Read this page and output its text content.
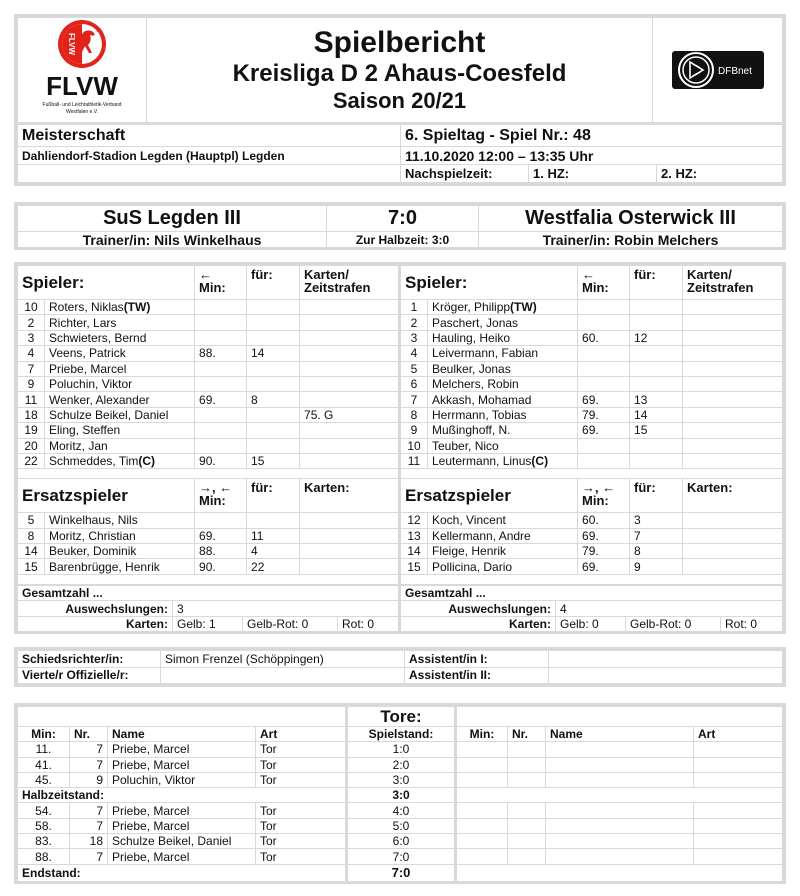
FLVW
FLVW
Fußball- und Leichtathletik-Verband
Westfalen e.V.

Spielbericht
Kreisliga D 2 Ahaus-Coesfeld
Saison 20/21

DFBnet
Meisterschaft	6. Spieltag - Spiel Nr.: 48		
Dahliendorf-Stadion Legden (Hauptpl) Legden	11.10.2020 12:00 – 13:35 Uhr		
	Nachspielzeit:	1. HZ:	2. HZ:
SuS Legden III	7:0	Westfalia Osterwick III
Trainer/in: Nils Winkelhaus	Zur Halbzeit: 3:0	Trainer/in: Robin Melchers
Spieler:		← Min:	für:	Karten/ Zeitstrafen
10	Roters, Niklas(TW)			
2	Richter, Lars			
3	Schwieters, Bernd			
4	Veens, Patrick	88.	14	
7	Priebe, Marcel			
9	Poluchin, Viktor			
11	Wenker, Alexander	69.	8	
18	Schulze Beikel, Daniel			75. G
19	Eling, Steffen			
20	Moritz, Jan			
22	Schmeddes, Tim(C)	90.	15	

Ersatzspieler		→, ← Min:	für:	Karten:
5	Winkelhaus, Nils			
8	Moritz, Christian	69.	11	
14	Beuker, Dominik	88.	4	
15	Barenbrügge, Henrik	90.	22	

Gesamtzahl ...			
Auswechslungen:	3		
Karten:	Gelb: 1	Gelb-Rot: 0	Rot: 0
Spieler:		← Min:	für:	Karten/ Zeitstrafen
1	Kröger, Philipp(TW)			
2	Paschert, Jonas			
3	Hauling, Heiko	60.	12	
4	Leivermann, Fabian			
5	Beulker, Jonas			
6	Melchers, Robin			
7	Akkash, Mohamad	69.	13	
8	Herrmann, Tobias	79.	14	
9	Mußinghoff, N.	69.	15	
10	Teuber, Nico			
11	Leutermann, Linus(C)			

Ersatzspieler		→, ← Min:	für:	Karten:
12	Koch, Vincent	60.	3	
13	Kellermann, Andre	69.	7	
14	Fleige, Henrik	79.	8	
15	Pollicina, Dario	69.	9	

Gesamtzahl ...			
Auswechslungen:	4		
Karten:	Gelb: 0	Gelb-Rot: 0	Rot: 0
Schiedsrichter/in:	Simon Frenzel (Schöppingen)	Assistent/in I:	
Vierte/r Offizielle/r:		Assistent/in II:	
				Tore:				
Min:	Nr.	Name	Art	Spielstand:	Min:	Nr.	Name	Art
11.	7	Priebe, Marcel	Tor	1:0				
41.	7	Priebe, Marcel	Tor	2:0				
45.	9	Poluchin, Viktor	Tor	3:0				
Halbzeitstand:				3:0				
54.	7	Priebe, Marcel	Tor	4:0				
58.	7	Priebe, Marcel	Tor	5:0				
83.	18	Schulze Beikel, Daniel	Tor	6:0				
88.	7	Priebe, Marcel	Tor	7:0				
Endstand:				7:0				
